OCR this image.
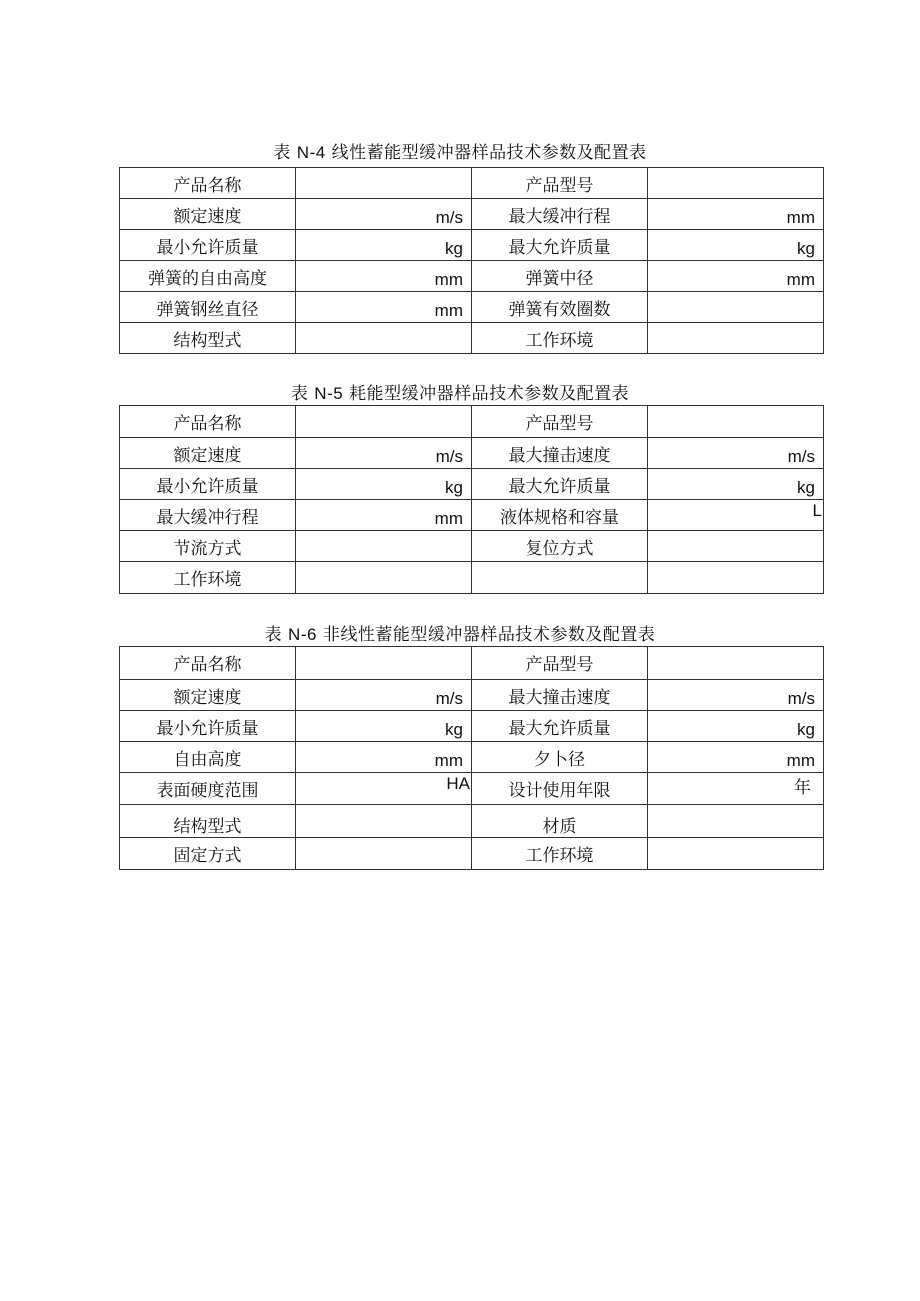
表 N-4 线性蓄能型缓冲器样品技术参数及配置表
产品名称		产品型号	

额定速度	m/s	最大缓冲行程	mm

最小允许质量	kg	最大允许质量	kg

弹簧的自由高度	mm	弹簧中径	mm

弹簧钢丝直径	mm	弹簧有效圈数	

结构型式		工作环境	

表 N-5 耗能型缓冲器样品技术参数及配置表
产品名称		产品型号	

额定速度	m/s	最大撞击速度	m/s

最小允许质量	kg	最大允许质量	kg

最大缓冲行程	mm	液体规格和容量	L

节流方式		复位方式	

工作环境			

表 N-6 非线性蓄能型缓冲器样品技术参数及配置表
产品名称		产品型号	

额定速度	m/s	最大撞击速度	m/s

最小允许质量	kg	最大允许质量	kg

自由高度	mm	夕卜径	mm

表面硬度范围	HA	设计使用年限	年

结构型式		材质	

固定方式		工作环境	
